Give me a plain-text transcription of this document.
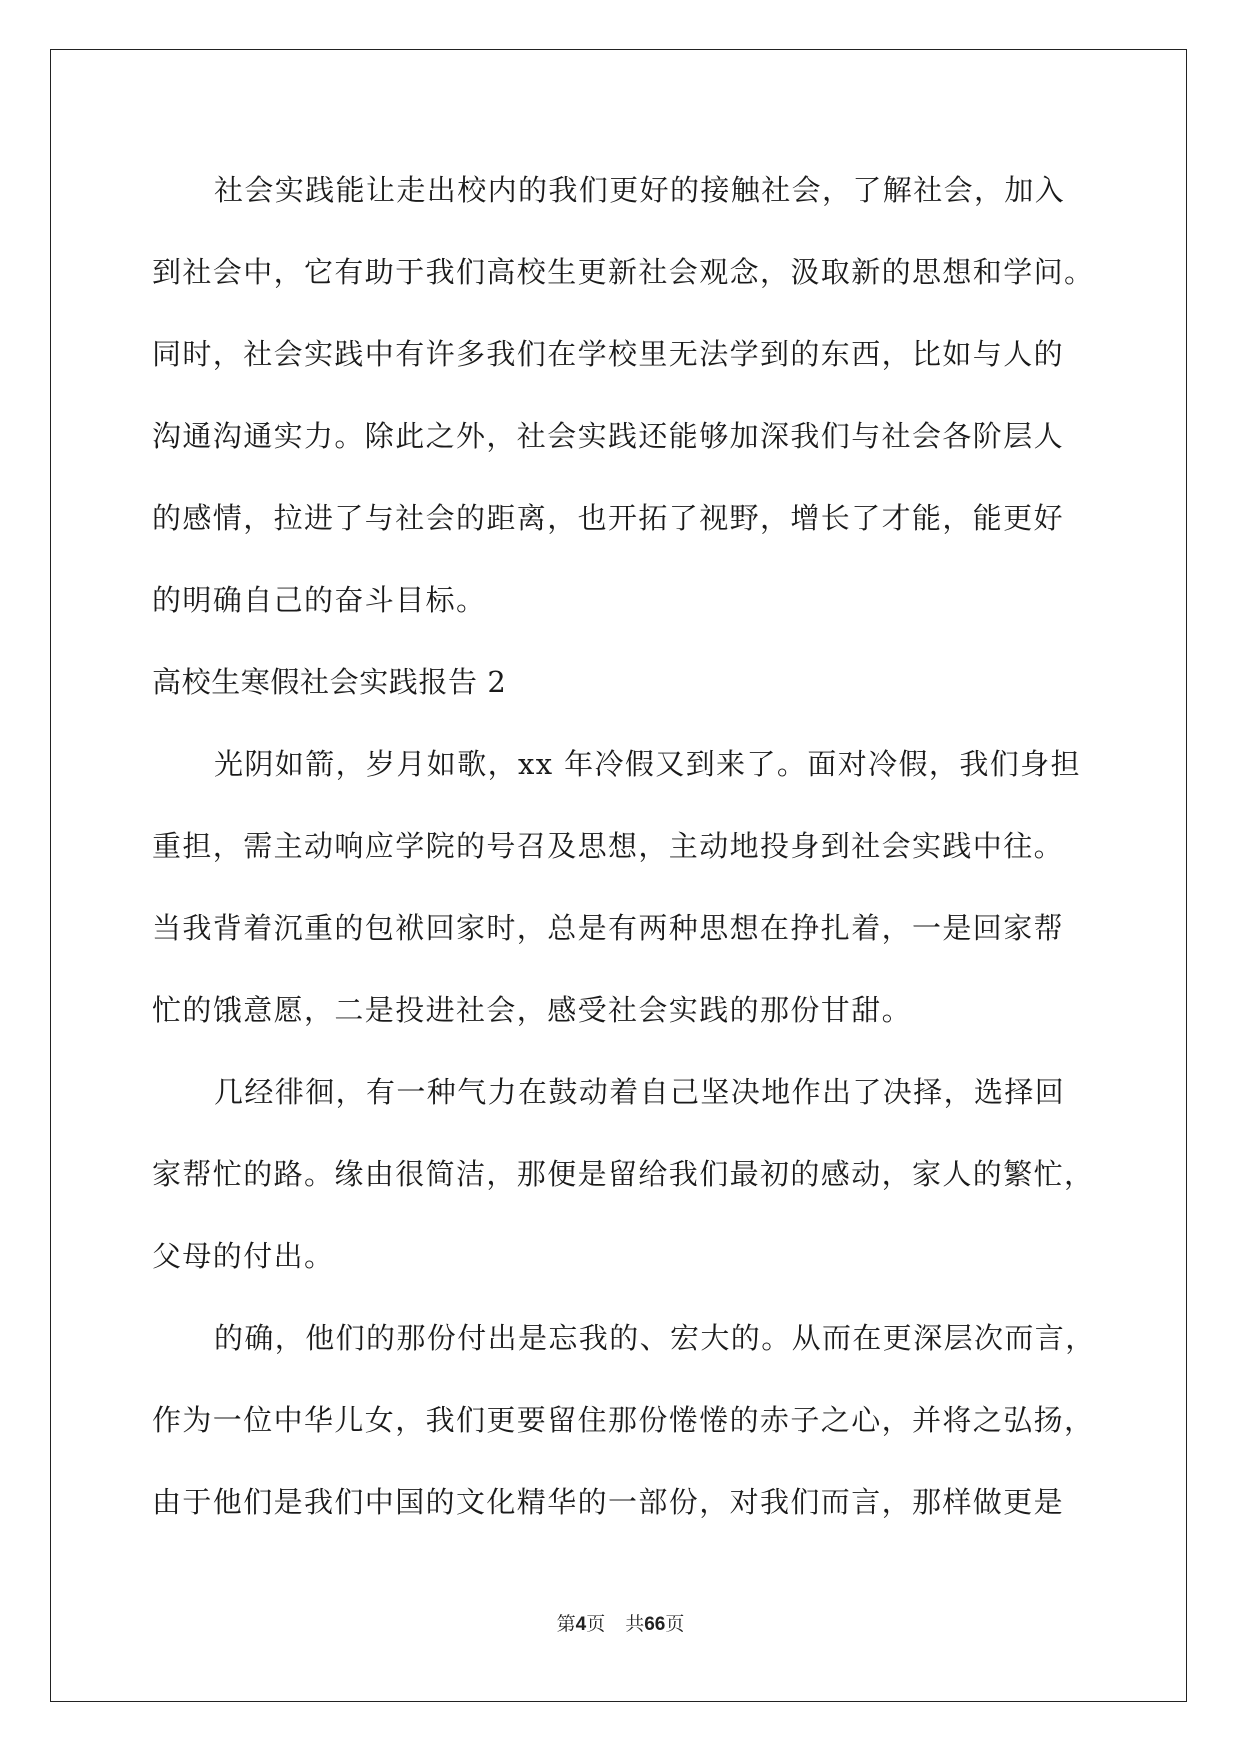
社会实践能让走出校内的我们更好的接触社会，了解社会，加入
到社会中，它有助于我们高校生更新社会观念，汲取新的思想和学问。
同时，社会实践中有许多我们在学校里无法学到的东西，比如与人的
沟通沟通实力。除此之外，社会实践还能够加深我们与社会各阶层人
的感情，拉进了与社会的距离，也开拓了视野，增长了才能，能更好
的明确自己的奋斗目标。
高校生寒假社会实践报告 2
光阴如箭，岁月如歌，xx 年冷假又到来了。面对冷假，我们身担
重担，需主动响应学院的号召及思想，主动地投身到社会实践中往。
当我背着沉重的包袱回家时，总是有两种思想在挣扎着，一是回家帮
忙的饿意愿，二是投进社会，感受社会实践的那份甘甜。
几经徘徊，有一种气力在鼓动着自己坚决地作出了决择，选择回
家帮忙的路。缘由很简洁，那便是留给我们最初的感动，家人的繁忙，
父母的付出。
的确，他们的那份付出是忘我的、宏大的。从而在更深层次而言，
作为一位中华儿女，我们更要留住那份惓惓的赤子之心，并将之弘扬，
由于他们是我们中国的文化精华的一部份，对我们而言，那样做更是
第4页 共66页
